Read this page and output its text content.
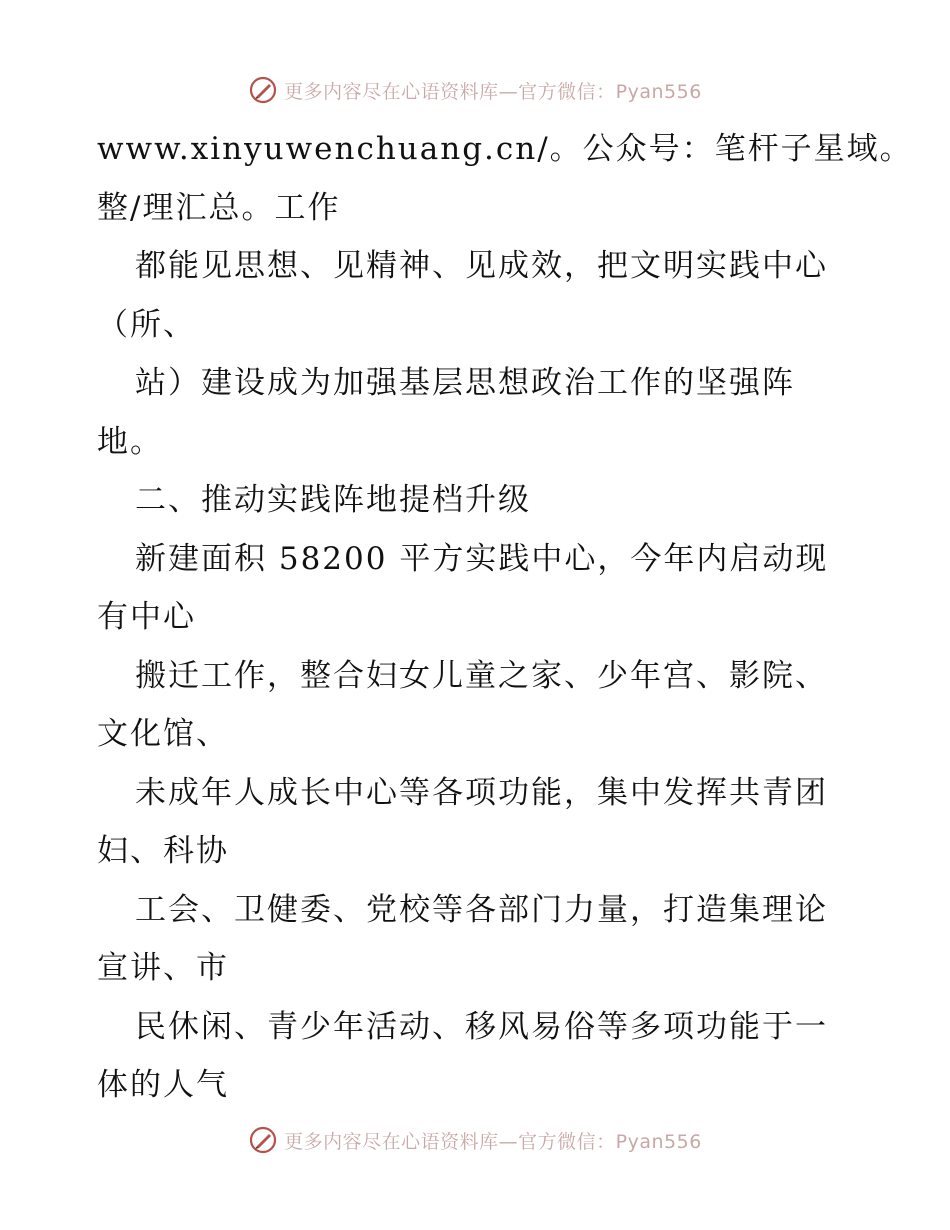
更多内容尽在心语资料库—官方微信：Pyan556
www.xinyuwenchuang.cn/。公众号：笔杆子星域。
整/理汇总。工作
都能见思想、见精神、见成效，把文明实践中心
（所、
站）建设成为加强基层思想政治工作的坚强阵
地。
二、推动实践阵地提档升级
新建面积 58200 平方实践中心，今年内启动现
有中心
搬迁工作，整合妇女儿童之家、少年宫、影院、
文化馆、
未成年人成长中心等各项功能，集中发挥共青团
妇、科协
工会、卫健委、党校等各部门力量，打造集理论
宣讲、市
民休闲、青少年活动、移风易俗等多项功能于一
体的人气
更多内容尽在心语资料库—官方微信：Pyan556
